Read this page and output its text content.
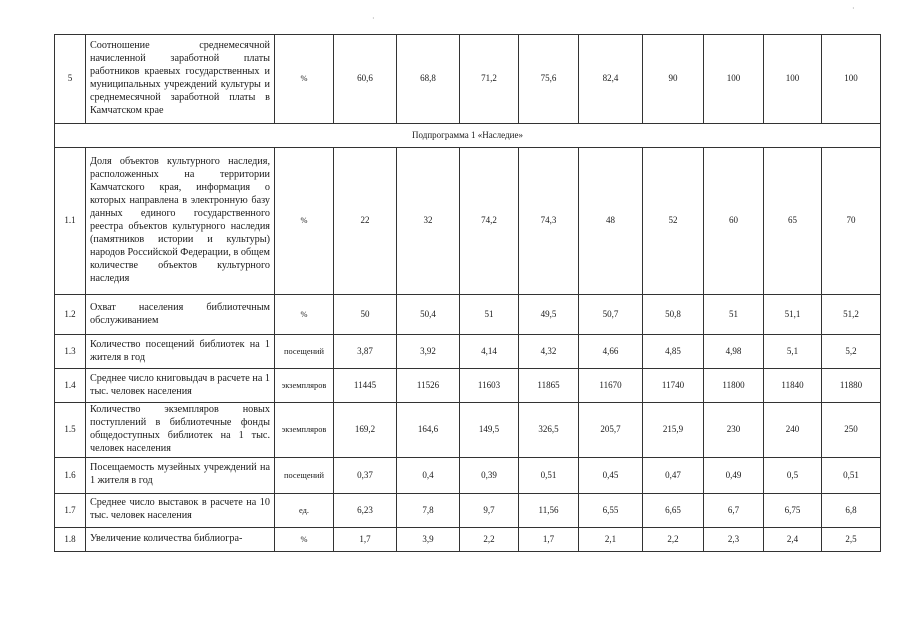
·
·
5	Соотношение среднемесячной начисленной заработной платы работников краевых государственных и муниципальных учреждений культуры и среднемесячной заработной платы в Камчатском крае	%	60,6	68,8	71,2	75,6	82,4	90	100	100	100
Подпрограмма 1 «Наследие»											
1.1	Доля объектов культурного наследия, расположенных на территории Камчатского края, информация о которых направлена в электронную базу данных единого государственного реестра объектов культурного наследия (памятников истории и культуры) народов Российской Федерации, в общем количестве объектов культурного наследия	%	22	32	74,2	74,3	48	52	60	65	70
1.2	Охват населения библиотечным обслуживанием	%	50	50,4	51	49,5	50,7	50,8	51	51,1	51,2
1.3	Количество посещений библиотек на 1 жителя в год	посещений	3,87	3,92	4,14	4,32	4,66	4,85	4,98	5,1	5,2
1.4	Среднее число книговыдач в расчете на 1 тыс. человек населения	экземпляров	11445	11526	11603	11865	11670	11740	11800	11840	11880
1.5	Количество экземпляров новых поступлений в библиотечные фонды общедоступных библиотек на 1 тыс. человек населения	экземпляров	169,2	164,6	149,5	326,5	205,7	215,9	230	240	250
1.6	Посещаемость музейных учреждений на 1 жителя в год	посещений	0,37	0,4	0,39	0,51	0,45	0,47	0,49	0,5	0,51
1.7	Среднее число выставок в расчете на 10 тыс. человек населения	ед.	6,23	7,8	9,7	11,56	6,55	6,65	6,7	6,75	6,8
1.8	Увеличение количества библиогра-	%	1,7	3,9	2,2	1,7	2,1	2,2	2,3	2,4	2,5
